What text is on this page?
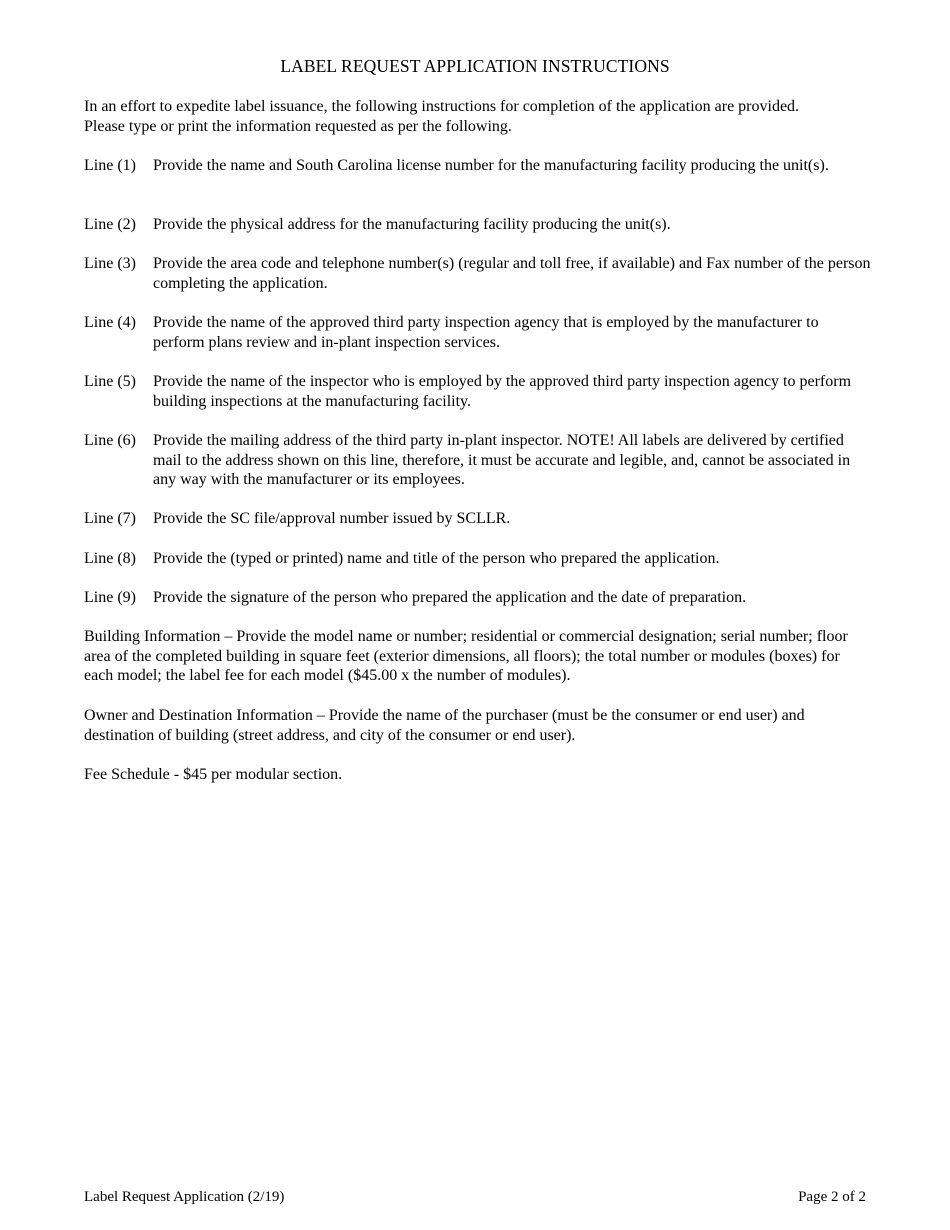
LABEL REQUEST APPLICATION INSTRUCTIONS

In an effort to expedite label issuance, the following instructions for completion of the application are provided.

Please type or print the information requested as per the following.

Line (1)	Provide the name and South Carolina license number for the manufacturing facility producing the unit(s).
Line (2)	Provide the physical address for the manufacturing facility producing the unit(s).
Line (3)	Provide the area code and telephone number(s) (regular and toll free, if available) and Fax number of the person completing the application.
Line (4)	Provide the name of the approved third party inspection agency that is employed by the manufacturer to perform plans review and in-plant inspection services.
Line (5)	Provide the name of the inspector who is employed by the approved third party inspection agency to perform building inspections at the manufacturing facility.
Line (6)	Provide the mailing address of the third party in-plant inspector. NOTE! All labels are delivered by certified mail to the address shown on this line, therefore, it must be accurate and legible, and, cannot be associated in any way with the manufacturer or its employees.
Line (7)	Provide the SC file/approval number issued by SCLLR.
Line (8)	Provide the (typed or printed) name and title of the person who prepared the application.
Line (9)	Provide the signature of the person who prepared the application and the date of preparation.

Building Information – Provide the model name or number; residential or commercial designation; serial number; floor area of the completed building in square feet (exterior dimensions, all floors); the total number or modules (boxes) for each model; the label fee for each model ($45.00 x the number of modules).

Owner and Destination Information – Provide the name of the purchaser (must be the consumer or end user) and destination of building (street address, and city of the consumer or end user).

Fee Schedule - $45 per modular section.

Label Request Application (2/19)	Page 2 of 2
